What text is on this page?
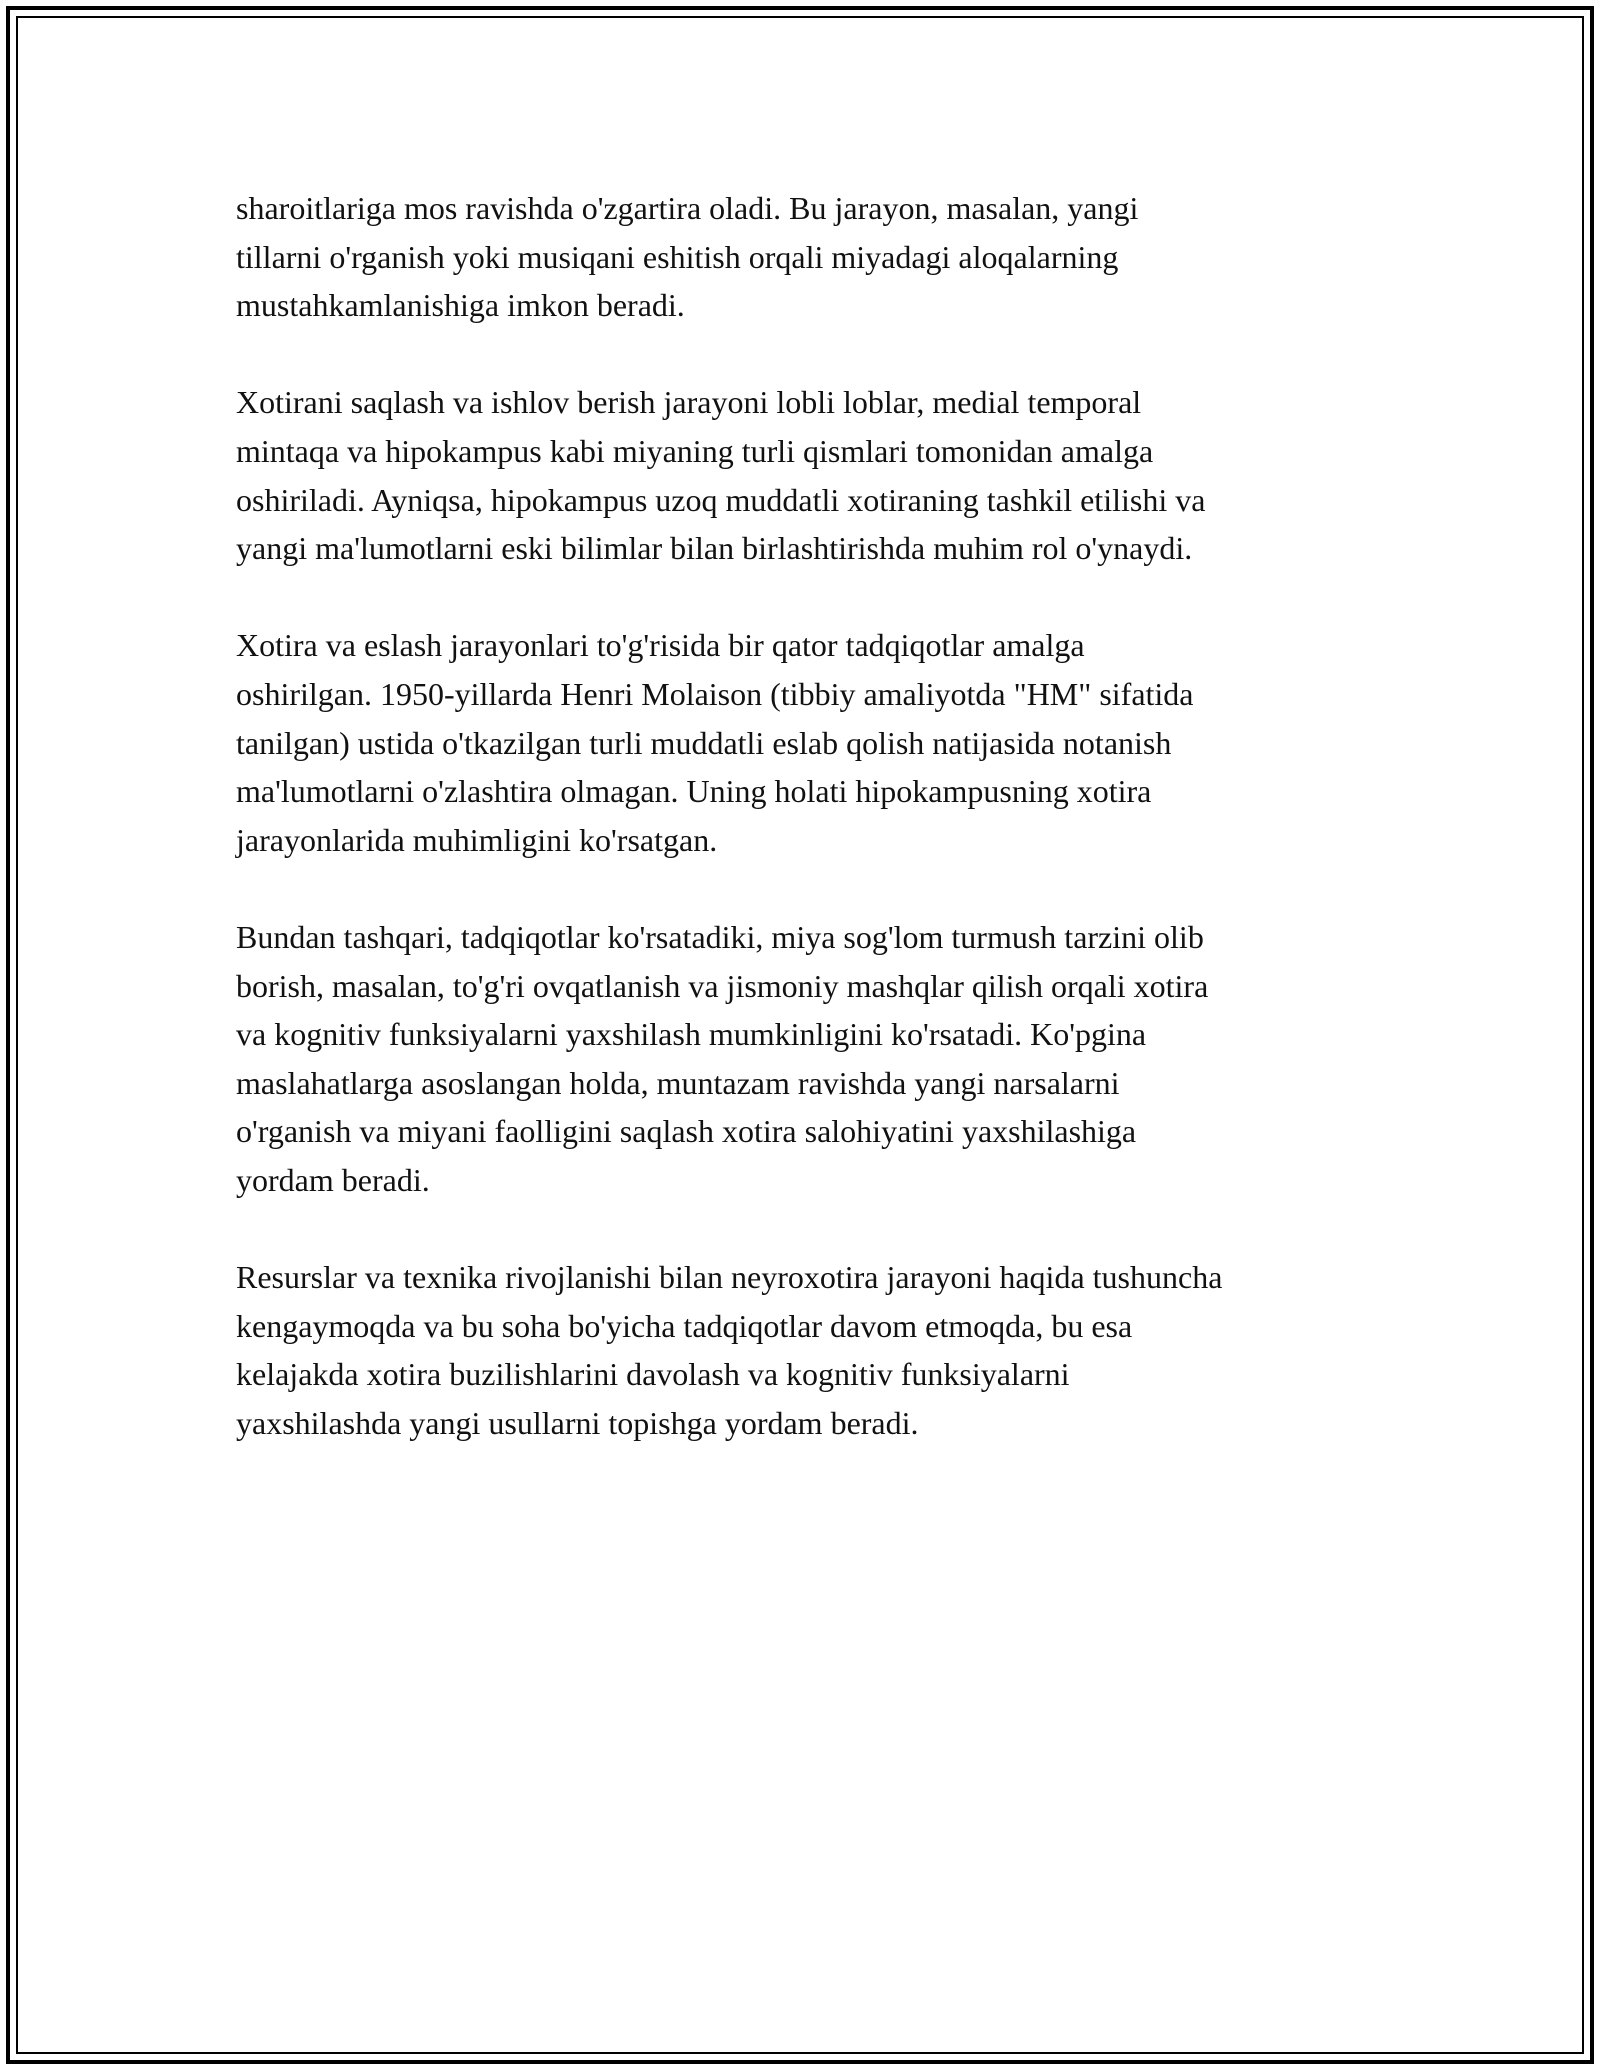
sharoitlariga mos ravishda o'zgartira oladi. Bu jarayon, masalan, yangi
tillarni o'rganish yoki musiqani eshitish orqali miyadagi aloqalarning
mustahkamlanishiga imkon beradi.

Xotirani saqlash va ishlov berish jarayoni lobli loblar, medial temporal
mintaqa va hipokampus kabi miyaning turli qismlari tomonidan amalga
oshiriladi. Ayniqsa, hipokampus uzoq muddatli xotiraning tashkil etilishi va
yangi ma'lumotlarni eski bilimlar bilan birlashtirishda muhim rol o'ynaydi.

Xotira va eslash jarayonlari to'g'risida bir qator tadqiqotlar amalga
oshirilgan. 1950-yillarda Henri Molaison (tibbiy amaliyotda "HM" sifatida
tanilgan) ustida o'tkazilgan turli muddatli eslab qolish natijasida notanish
ma'lumotlarni o'zlashtira olmagan. Uning holati hipokampusning xotira
jarayonlarida muhimligini ko'rsatgan.

Bundan tashqari, tadqiqotlar ko'rsatadiki, miya sog'lom turmush tarzini olib
borish, masalan, to'g'ri ovqatlanish va jismoniy mashqlar qilish orqali xotira
va kognitiv funksiyalarni yaxshilash mumkinligini ko'rsatadi. Ko'pgina
maslahatlarga asoslangan holda, muntazam ravishda yangi narsalarni
o'rganish va miyani faolligini saqlash xotira salohiyatini yaxshilashiga
yordam beradi.

Resurslar va texnika rivojlanishi bilan neyroxotira jarayoni haqida tushuncha
kengaymoqda va bu soha bo'yicha tadqiqotlar davom etmoqda, bu esa
kelajakda xotira buzilishlarini davolash va kognitiv funksiyalarni
yaxshilashda yangi usullarni topishga yordam beradi.
